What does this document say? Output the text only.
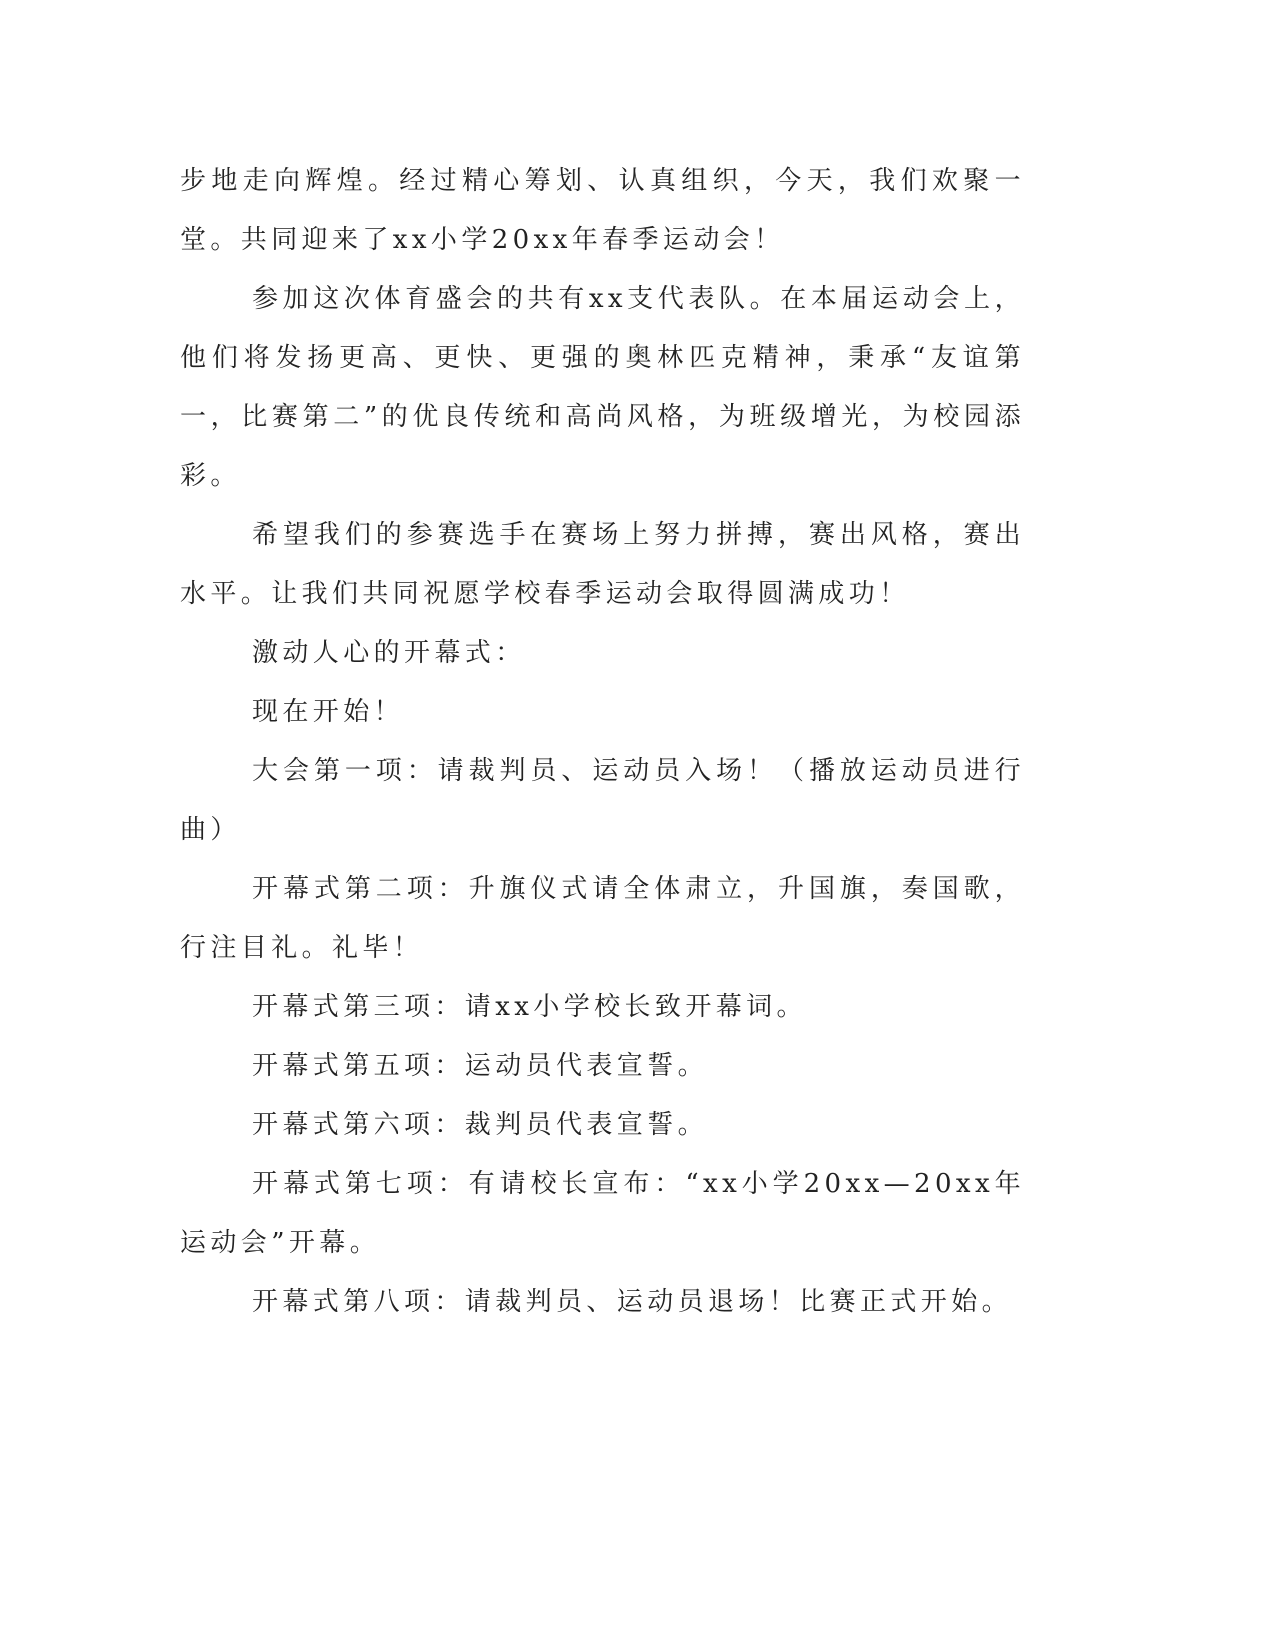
步地走向辉煌。经过精心筹划、认真组织，今天，我们欢聚一堂。共同迎来了xx小学20xx年春季运动会！

参加这次体育盛会的共有xx支代表队。在本届运动会上，他们将发扬更高、更快、更强的奥林匹克精神，秉承“友谊第一，比赛第二”的优良传统和高尚风格，为班级增光，为校园添彩。

希望我们的参赛选手在赛场上努力拼搏，赛出风格，赛出水平。让我们共同祝愿学校春季运动会取得圆满成功！

激动人心的开幕式：

现在开始！

大会第一项：请裁判员、运动员入场！（播放运动员进行曲）

开幕式第二项：升旗仪式请全体肃立，升国旗，奏国歌，行注目礼。礼毕！

开幕式第三项：请xx小学校长致开幕词。

开幕式第五项：运动员代表宣誓。

开幕式第六项：裁判员代表宣誓。

开幕式第七项：有请校长宣布：“xx小学20xx—20xx年运动会”开幕。

开幕式第八项：请裁判员、运动员退场！比赛正式开始。
